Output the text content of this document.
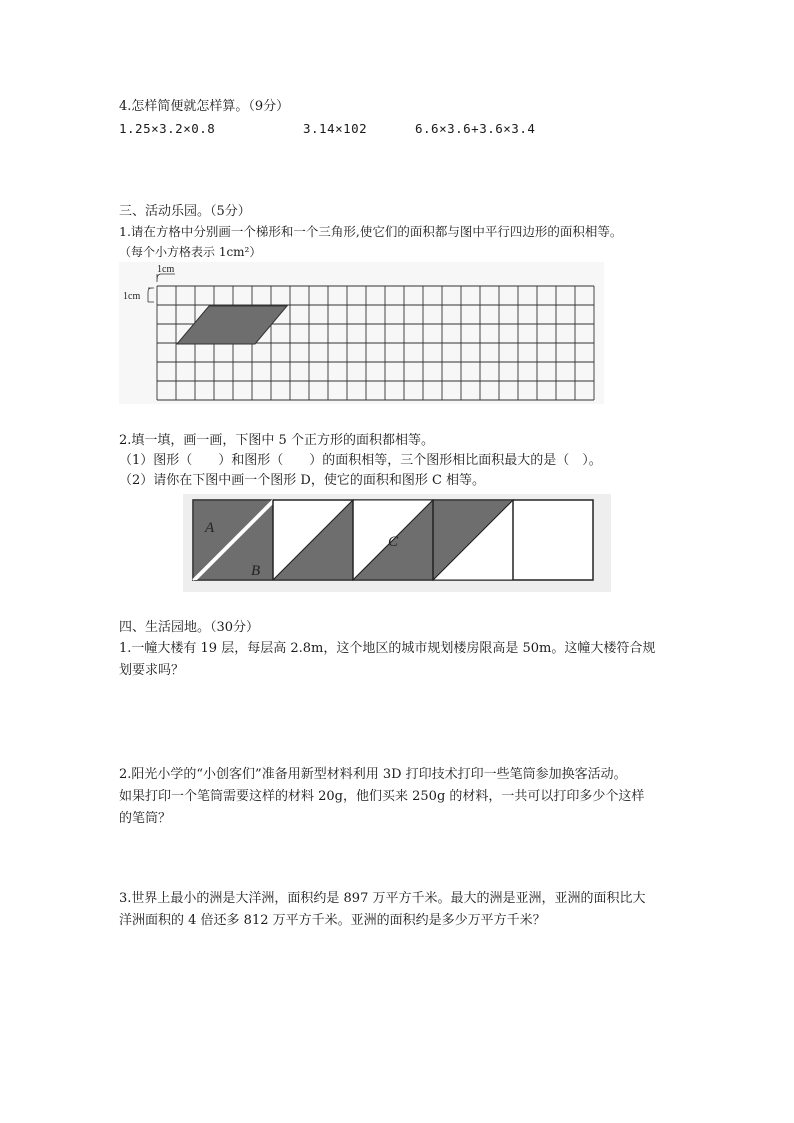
4.怎样简便就怎样算。（9分）
1.25×3.2×0.8	3.14×102	6.6×3.6+3.6×3.4
三、活动乐园。（5分）
1.请在方格中分别画一个梯形和一个三角形,使它们的面积都与图中平行四边形的面积相等。
（每个小方格表示 1cm²）
1cm
1cm
2.填一填，画一画，下图中 5 个正方形的面积都相等。
（1）图形（　　）和图形（　　）的面积相等，三个图形相比面积最大的是（　）。
（2）请你在下图中画一个图形 D，使它的面积和图形 C 相等。
A
B
C
四、生活园地。（30分）
1.一幢大楼有 19 层，每层高 2.8m，这个地区的城市规划楼房限高是 50m。这幢大楼符合规
划要求吗？
2.阳光小学的“小创客们”准备用新型材料利用 3D 打印技术打印一些笔筒参加换客活动。
如果打印一个笔筒需要这样的材料 20g，他们买来 250g 的材料，一共可以打印多少个这样
的笔筒？
3.世界上最小的洲是大洋洲，面积约是 897 万平方千米。最大的洲是亚洲，亚洲的面积比大
洋洲面积的 4 倍还多 812 万平方千米。亚洲的面积约是多少万平方千米？
